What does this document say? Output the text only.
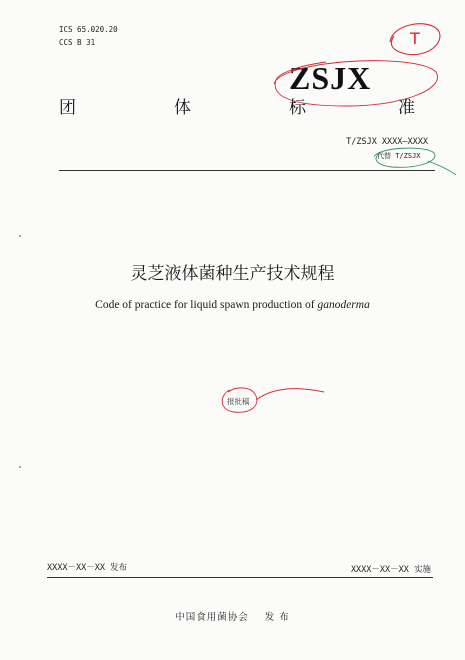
ICS 65.020.20
CCS B 31	T
ZSJX
团	体	标	准
T/ZSJX XXXX—XXXX
代替 T/ZSJX
灵芝液体菌种生产技术规程
Code of practice for liquid spawn production of ganoderma
报批稿
XXXX－XX－XX 发布	XXXX－XX－XX 实施
中国食用菌协会 发 布
